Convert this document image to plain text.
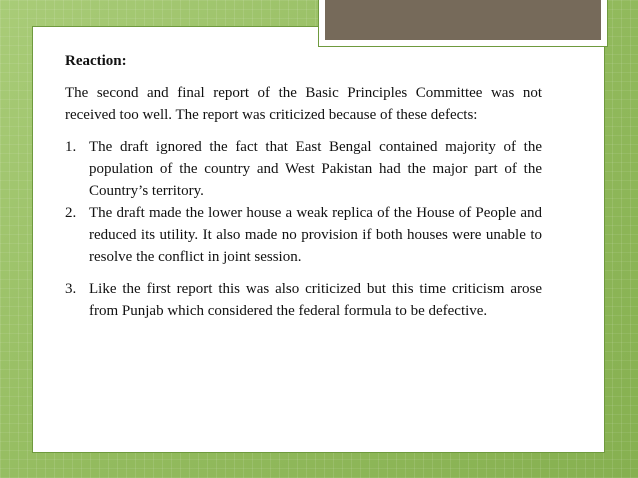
Reaction:

The second and final report of the Basic Principles Committee was not received too well. The report was criticized because of these defects:

1. The draft ignored the fact that East Bengal contained majority of the population of the country and West Pakistan had the major part of the Country’s territory.
2. The draft made the lower house a weak replica of the House of People and reduced its utility. It also made no provision if both houses were unable to resolve the conflict in joint session.
3. Like the first report this was also criticized but this time criticism arose from Punjab which considered the federal formula to be defective.
